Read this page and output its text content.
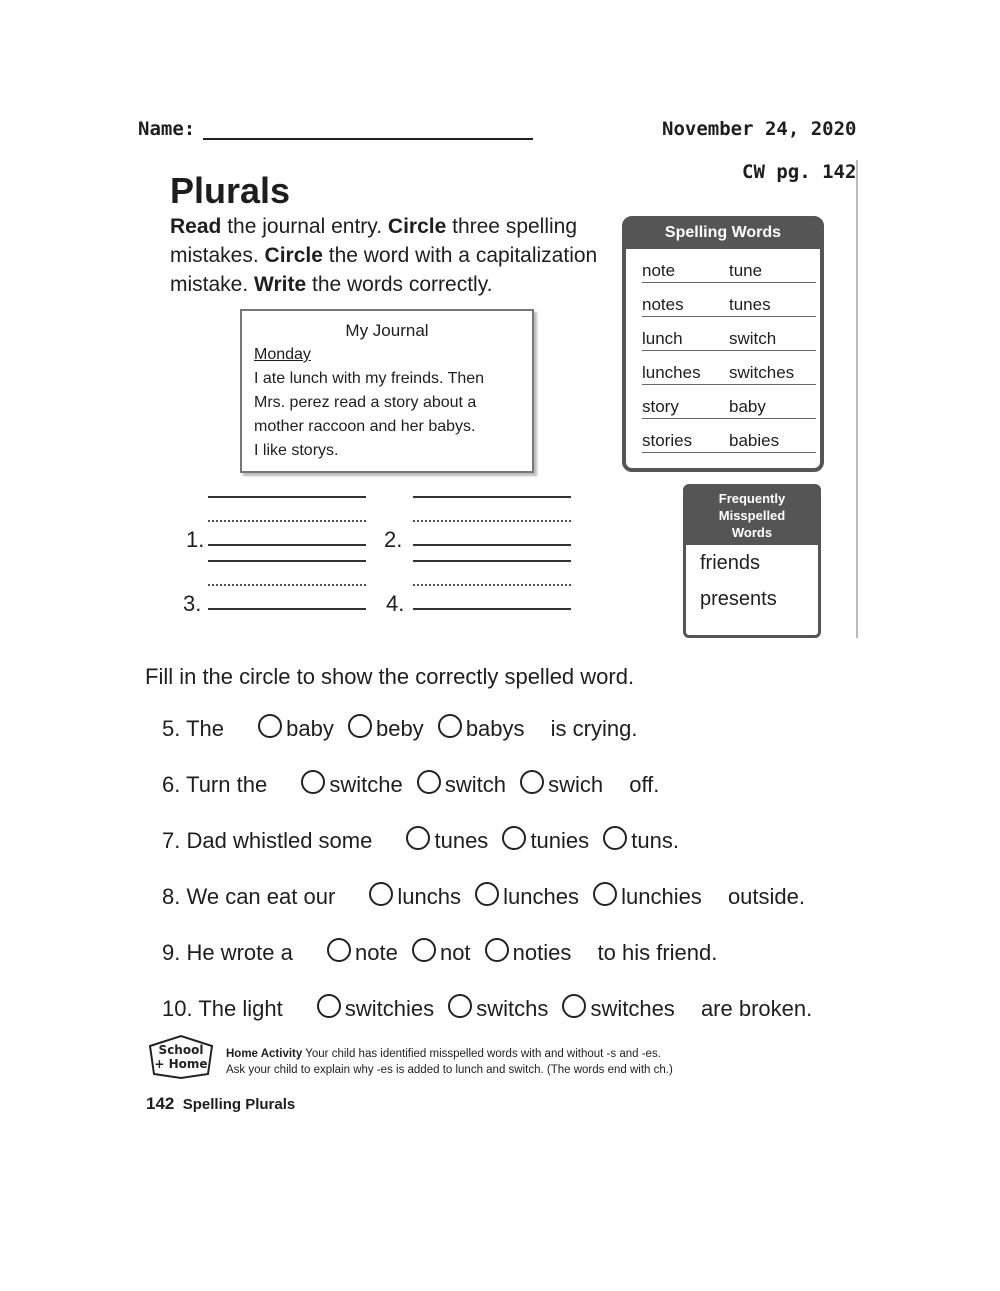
Name:	November 24, 2020
CW pg. 142
Plurals
Read the journal entry. Circle three spelling mistakes. Circle the word with a capitalization mistake. Write the words correctly.
My Journal
Monday
I ate lunch with my freinds. Then
Mrs. perez read a story about a
mother raccoon and her babys.
I like storys.
Spelling Words
note	tune
notes	tunes
lunch	switch
lunches	switches
story	baby
stories	babies
Frequently
Misspelled
Words
friends
presents
1.	2.
3.	4.
Fill in the circle to show the correctly spelled word.
5. The	baby beby babys is crying.
6. Turn the	switche switch swich off.
7. Dad whistled some	tunes tunies tuns.
8. We can eat our	lunchs lunches lunchies outside.
9. He wrote a	note not noties to his friend.
10. The light	switchies switchs switches are broken.
School
+ Home
Home Activity Your child has identified misspelled words with and without -s and -es.
Ask your child to explain why -es is added to lunch and switch. (The words end with ch.)
142 Spelling Plurals
